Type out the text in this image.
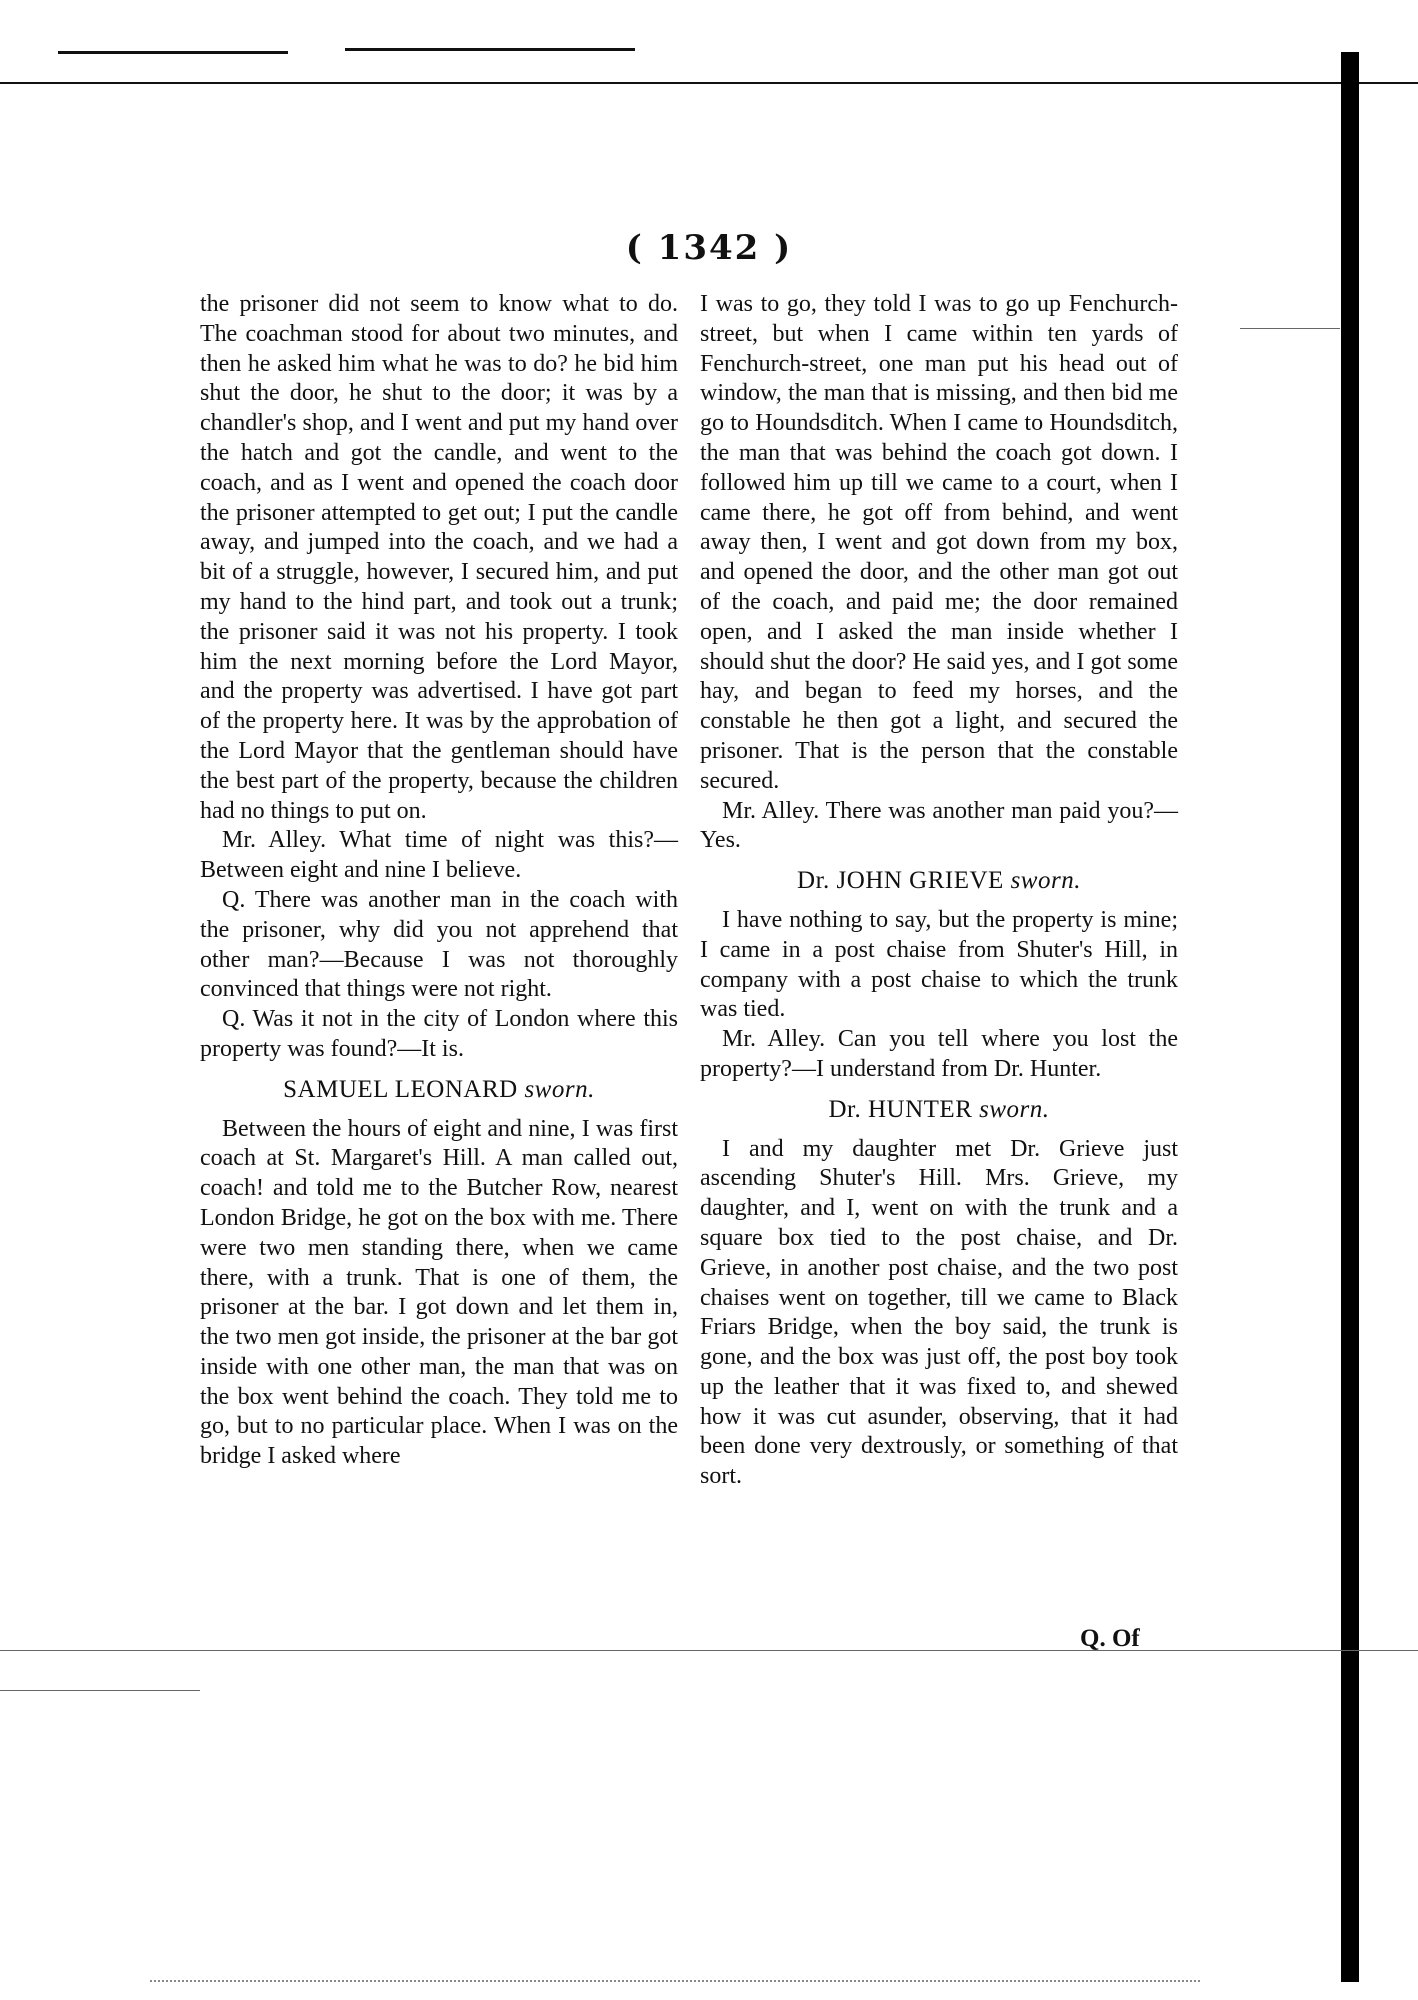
( 1342 )

the prisoner did not seem to know what to do. The coachman stood for about two minutes, and then he asked him what he was to do? he bid him shut the door, he shut to the door; it was by a chandler's shop, and I went and put my hand over the hatch and got the candle, and went to the coach, and as I went and opened the coach door the prisoner attempted to get out; I put the candle away, and jumped into the coach, and we had a bit of a struggle, however, I secured him, and put my hand to the hind part, and took out a trunk; the prisoner said it was not his property. I took him the next morning before the Lord Mayor, and the property was advertised. I have got part of the property here. It was by the approbation of the Lord Mayor that the gentleman should have the best part of the property, because the children had no things to put on.

Mr. Alley. What time of night was this?—Between eight and nine I believe.

Q. There was another man in the coach with the prisoner, why did you not apprehend that other man?—Because I was not thoroughly convinced that things were not right.

Q. Was it not in the city of London where this property was found?—It is.

SAMUEL LEONARD sworn.

Between the hours of eight and nine, I was first coach at St. Margaret's Hill. A man called out, coach! and told me to the Butcher Row, nearest London Bridge, he got on the box with me. There were two men standing there, when we came there, with a trunk. That is one of them, the prisoner at the bar. I got down and let them in, the two men got inside, the prisoner at the bar got inside with one other man, the man that was on the box went behind the coach. They told me to go, but to no particular place. When I was on the bridge I asked where

I was to go, they told I was to go up Fenchurch-street, but when I came within ten yards of Fenchurch-street, one man put his head out of window, the man that is missing, and then bid me go to Houndsditch. When I came to Houndsditch, the man that was behind the coach got down. I followed him up till we came to a court, when I came there, he got off from behind, and went away then, I went and got down from my box, and opened the door, and the other man got out of the coach, and paid me; the door remained open, and I asked the man inside whether I should shut the door? He said yes, and I got some hay, and began to feed my horses, and the constable he then got a light, and secured the prisoner. That is the person that the constable secured.

Mr. Alley. There was another man paid you?—Yes.

Dr. JOHN GRIEVE sworn.

I have nothing to say, but the property is mine; I came in a post chaise from Shuter's Hill, in company with a post chaise to which the trunk was tied.

Mr. Alley. Can you tell where you lost the property?—I understand from Dr. Hunter.

Dr. HUNTER sworn.

I and my daughter met Dr. Grieve just ascending Shuter's Hill. Mrs. Grieve, my daughter, and I, went on with the trunk and a square box tied to the post chaise, and Dr. Grieve, in another post chaise, and the two post chaises went on together, till we came to Black Friars Bridge, when the boy said, the trunk is gone, and the box was just off, the post boy took up the leather that it was fixed to, and shewed how it was cut asunder, observing, that it had been done very dextrously, or something of that sort.

Q. Of
